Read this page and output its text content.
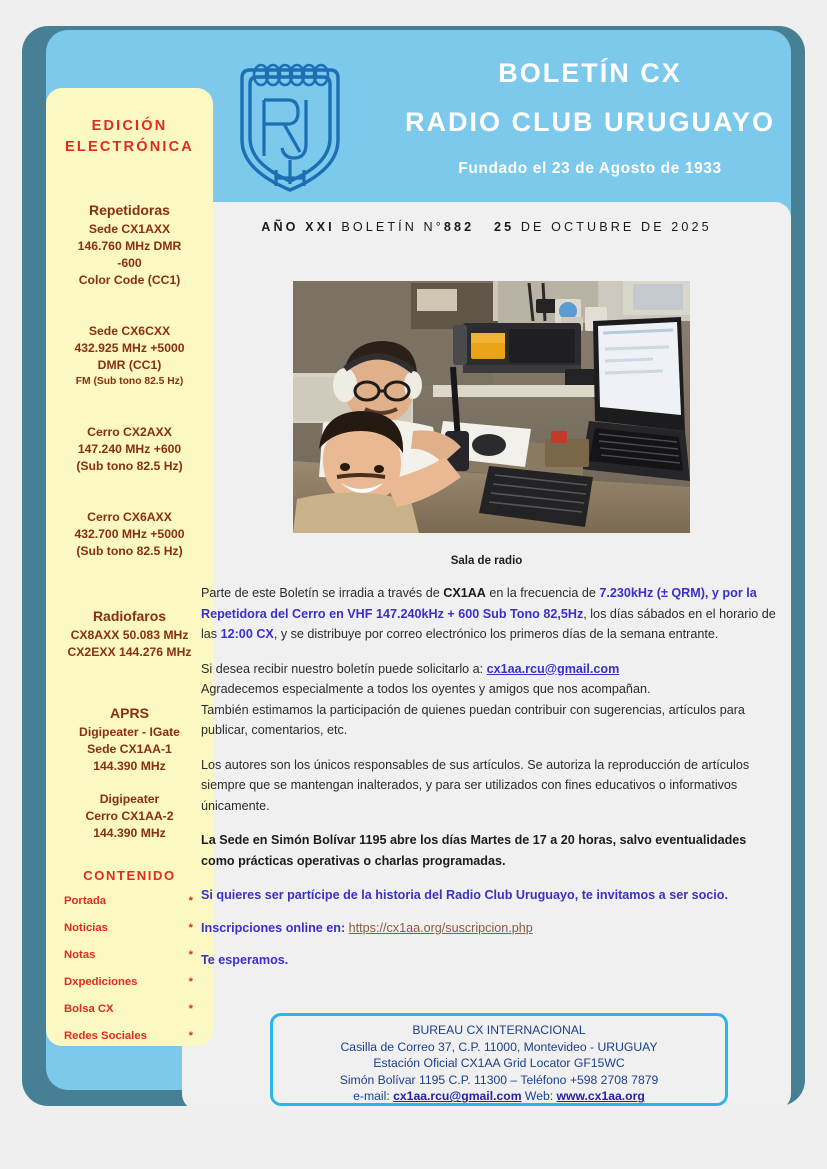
BOLETÍN CX
RADIO CLUB URUGUAYO
Fundado el 23 de Agosto de 1933
EDICIÓN
ELECTRÓNICA
Repetidoras
Sede CX1AXX
146.760 MHz DMR
-600
Color Code (CC1)
Sede CX6CXX
432.925 MHz +5000
DMR (CC1)
FM (Sub tono 82.5 Hz)
Cerro CX2AXX
147.240 MHz +600
(Sub tono 82.5 Hz)
Cerro CX6AXX
432.700 MHz +5000
(Sub tono 82.5 Hz)
Radiofaros
CX8AXX 50.083 MHz
CX2EXX 144.276 MHz
APRS
Digipeater - IGate
Sede CX1AA-1
144.390 MHz
Digipeater
Cerro CX1AA-2
144.390 MHz
CONTENIDO
Portada	*
Noticias	*
Notas	*
Dxpediciones	*
Bolsa CX	*
Redes Sociales	*
AÑO XXI BOLETÍN N°882 25 DE OCTUBRE DE 2025
Sala de radio

Parte de este Boletín se irradia a través de CX1AA en la frecuencia de 7.230kHz (± QRM), y por la Repetidora del Cerro en VHF 147.240kHz + 600 Sub Tono 82,5Hz, los días sábados en el horario de las 12:00 CX, y se distribuye por correo electrónico los primeros días de la semana entrante.

Si desea recibir nuestro boletín puede solicitarlo a: cx1aa.rcu@gmail.com

Agradecemos especialmente a todos los oyentes y amigos que nos acompañan.

También estimamos la participación de quienes puedan contribuir con sugerencias, artículos para publicar, comentarios, etc.

Los autores son los únicos responsables de sus artículos. Se autoriza la reproducción de artículos siempre que se mantengan inalterados, y para ser utilizados con fines educativos o informativos únicamente.

La Sede en Simón Bolívar 1195 abre los días Martes de 17 a 20 horas, salvo eventualidades como prácticas operativas o charlas programadas.

Si quieres ser partícipe de la historia del Radio Club Uruguayo, te invitamos a ser socio.

Inscripciones online en: https://cx1aa.org/suscripcion.php

Te esperamos.

BUREAU CX INTERNACIONAL
Casilla de Correo 37, C.P. 11000, Montevideo - URUGUAY
Estación Oficial CX1AA Grid Locator GF15WC
Simón Bolívar 1195 C.P. 11300 – Teléfono +598 2708 7879
e-mail: cx1aa.rcu@gmail.com Web: www.cx1aa.org
